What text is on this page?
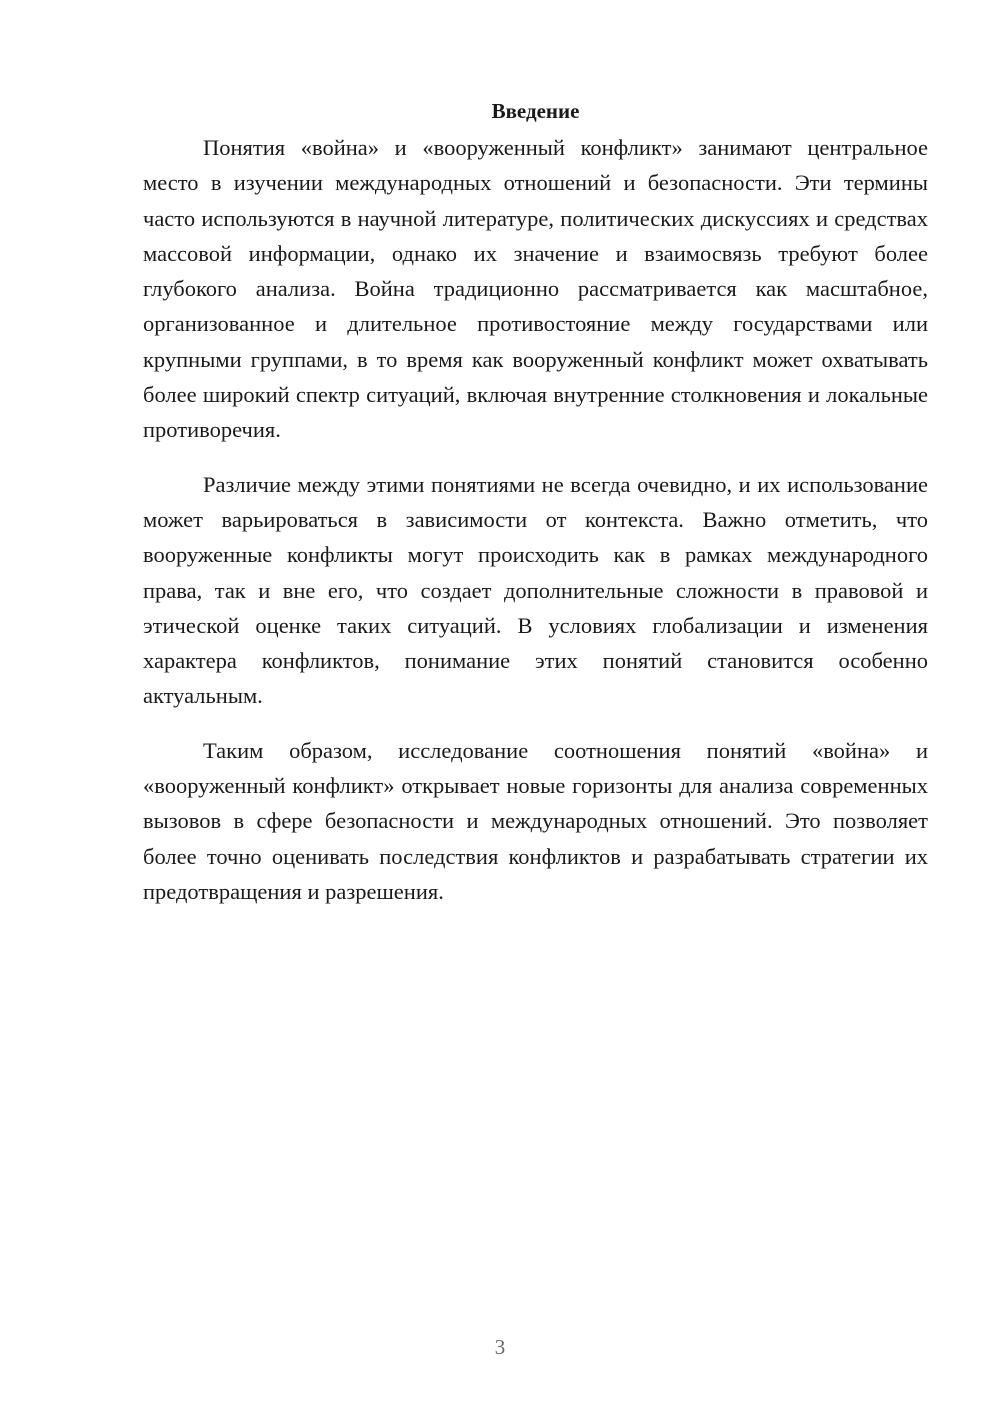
Введение

Понятия «война» и «вооруженный конфликт» занимают центральное место в изучении международных отношений и безопасности. Эти термины часто используются в научной литературе, политических дискуссиях и средствах массовой информации, однако их значение и взаимосвязь требуют более глубокого анализа. Война традиционно рассматривается как масштабное, организованное и длительное противостояние между государствами или крупными группами, в то время как вооруженный конфликт может охватывать более широкий спектр ситуаций, включая внутренние столкновения и локальные противоречия.

Различие между этими понятиями не всегда очевидно, и их использование может варьироваться в зависимости от контекста. Важно отметить, что вооруженные конфликты могут происходить как в рамках международного права, так и вне его, что создает дополнительные сложности в правовой и этической оценке таких ситуаций. В условиях глобализации и изменения характера конфликтов, понимание этих понятий становится особенно актуальным.

Таким образом, исследование соотношения понятий «война» и «вооруженный конфликт» открывает новые горизонты для анализа современных вызовов в сфере безопасности и международных отношений. Это позволяет более точно оценивать последствия конфликтов и разрабатывать стратегии их предотвращения и разрешения.

3
